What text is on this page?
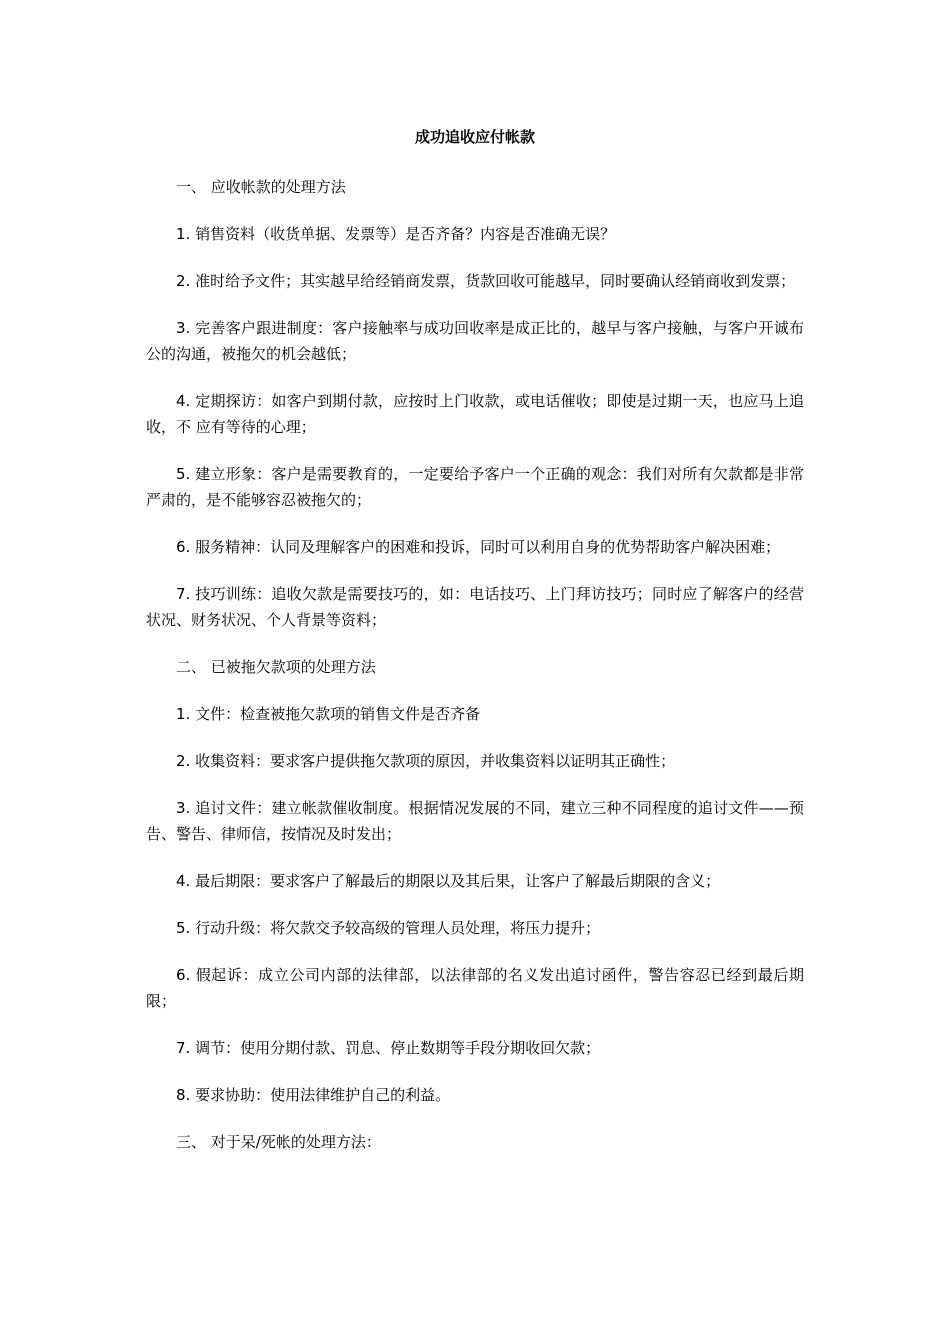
成功追收应付帐款
一、 应收帐款的处理方法
1. 销售资料（收货单据、发票等）是否齐备？内容是否准确无误？
2. 准时给予文件；其实越早给经销商发票，货款回收可能越早，同时要确认经销商收到发票；
3. 完善客户跟进制度：客户接触率与成功回收率是成正比的，越早与客户接触，与客户开诚布公的沟通，被拖欠的机会越低；
4. 定期探访：如客户到期付款，应按时上门收款，或电话催收；即使是过期一天，也应马上追收，不 应有等待的心理；
5. 建立形象：客户是需要教育的，一定要给予客户一个正确的观念：我们对所有欠款都是非常严肃的，是不能够容忍被拖欠的；
6. 服务精神：认同及理解客户的困难和投诉，同时可以利用自身的优势帮助客户解决困难；
7. 技巧训练：追收欠款是需要技巧的，如：电话技巧、上门拜访技巧；同时应了解客户的经营状况、财务状况、个人背景等资料；
二、 已被拖欠款项的处理方法
1. 文件：检查被拖欠款项的销售文件是否齐备
2. 收集资料：要求客户提供拖欠款项的原因，并收集资料以证明其正确性；
3. 追讨文件：建立帐款催收制度。根据情况发展的不同，建立三种不同程度的追讨文件——预告、警告、律师信，按情况及时发出；
4. 最后期限：要求客户了解最后的期限以及其后果，让客户了解最后期限的含义；
5. 行动升级：将欠款交予较高级的管理人员处理，将压力提升；
6. 假起诉：成立公司内部的法律部，以法律部的名义发出追讨函件，警告容忍已经到最后期限；
7. 调节：使用分期付款、罚息、停止数期等手段分期收回欠款；
8. 要求协助：使用法律维护自己的利益。
三、 对于呆/死帐的处理方法：
